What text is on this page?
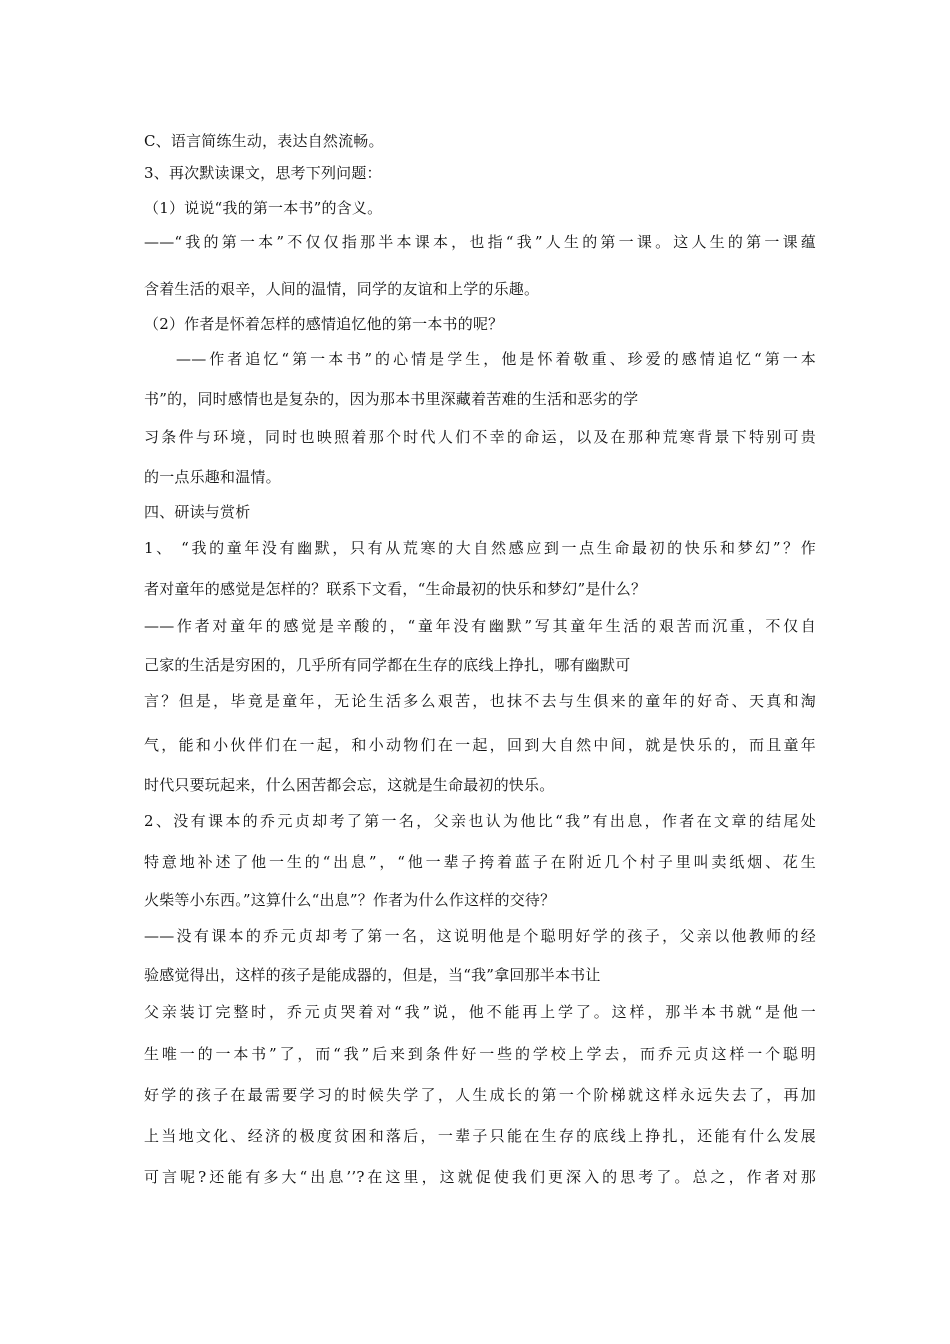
C、语言简练生动，表达自然流畅。
3、再次默读课文，思考下列问题：
（1）说说“我的第一本书”的含义。
——“我的第一本”不仅仅指那半本课本，也指“我”人生的第一课。这人生的第一课蕴
含着生活的艰辛，人间的温情，同学的友谊和上学的乐趣。
（2）作者是怀着怎样的感情追忆他的第一本书的呢？
——作者追忆“第一本书”的心情是学生，他是怀着敬重、珍爱的感情追忆“第一本
书”的，同时感情也是复杂的，因为那本书里深藏着苦难的生活和恶劣的学
习条件与环境，同时也映照着那个时代人们不幸的命运，以及在那种荒寒背景下特别可贵
的一点乐趣和温情。
四、研读与赏析
1、 “我的童年没有幽默，只有从荒寒的大自然感应到一点生命最初的快乐和梦幻”？作
者对童年的感觉是怎样的？联系下文看，“生命最初的快乐和梦幻”是什么？
——作者对童年的感觉是辛酸的，“童年没有幽默”写其童年生活的艰苦而沉重，不仅自
己家的生活是穷困的，几乎所有同学都在生存的底线上挣扎，哪有幽默可
言？但是，毕竟是童年，无论生活多么艰苦，也抹不去与生俱来的童年的好奇、天真和淘
气，能和小伙伴们在一起，和小动物们在一起，回到大自然中间，就是快乐的，而且童年
时代只要玩起来，什么困苦都会忘，这就是生命最初的快乐。
2、没有课本的乔元贞却考了第一名，父亲也认为他比“我”有出息，作者在文章的结尾处
特意地补述了他一生的“出息”，“他一辈子挎着蓝子在附近几个村子里叫卖纸烟、花生
火柴等小东西。”这算什么“出息”？作者为什么作这样的交待？
——没有课本的乔元贞却考了第一名，这说明他是个聪明好学的孩子，父亲以他教师的经
验感觉得出，这样的孩子是能成器的，但是，当“我”拿回那半本书让
父亲装订完整时，乔元贞哭着对“我”说，他不能再上学了。这样，那半本书就“是他一
生唯一的一本书”了，而“我”后来到条件好一些的学校上学去，而乔元贞这样一个聪明
好学的孩子在最需要学习的时候失学了，人生成长的第一个阶梯就这样永远失去了，再加
上当地文化、经济的极度贫困和落后，一辈子只能在生存的底线上挣扎，还能有什么发展
可言呢?还能有多大“出息’’?在这里，这就促使我们更深入的思考了。总之，作者对那
